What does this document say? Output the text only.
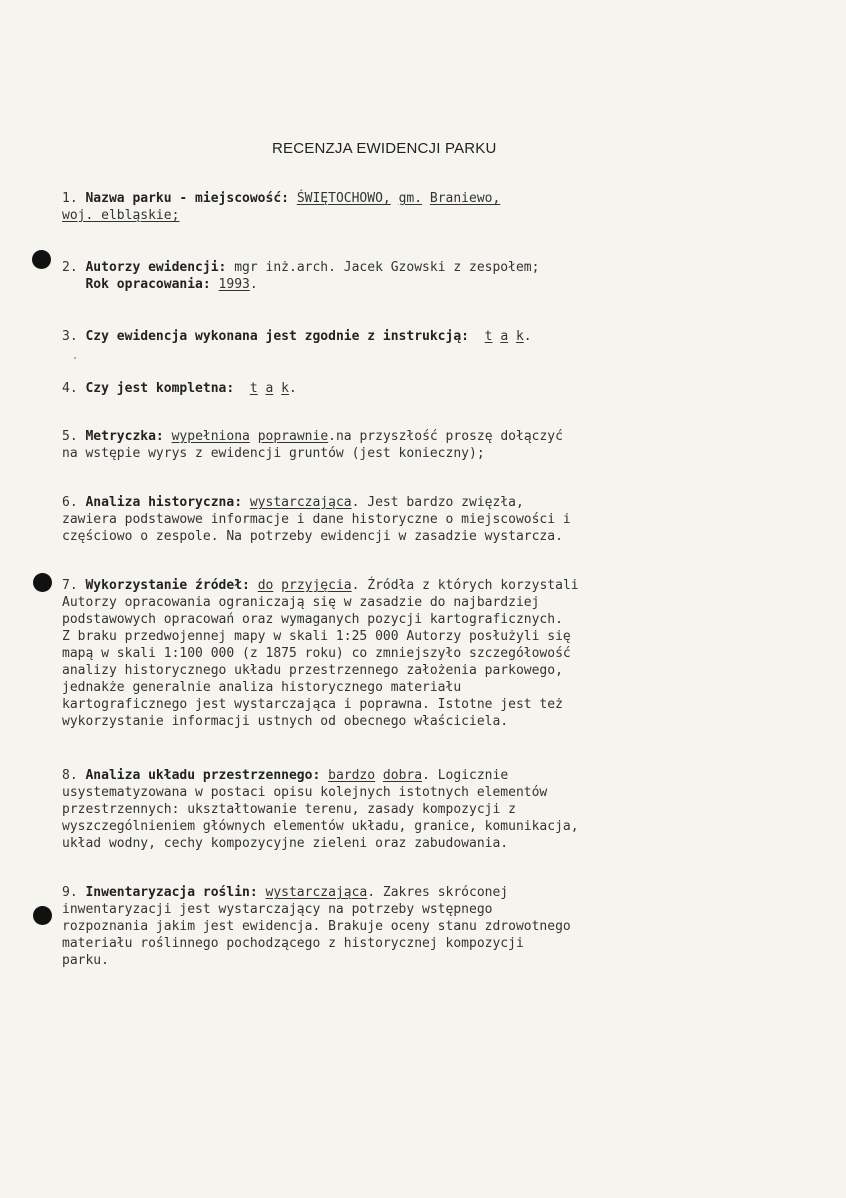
RECENZJA EWIDENCJI PARKU
1. Nazwa parku - miejscowość: ŚWIĘTOCHOWO, gm. Braniewo,
woj. elbląskie;
2. Autorzy ewidencji: mgr inż.arch. Jacek Gzowski z zespołem;
Rok opracowania: 1993.
3. Czy ewidencja wykonana jest zgodnie z instrukcją: t a k.
4. Czy jest kompletna: t a k.
5. Metryczka: wypełniona poprawnie.na przyszłość proszę dołączyć
na wstępie wyrys z ewidencji gruntów (jest konieczny);
6. Analiza historyczna: wystarczająca. Jest bardzo zwięzła,
zawiera podstawowe informacje i dane historyczne o miejscowości i
częściowo o zespole. Na potrzeby ewidencji w zasadzie wystarcza.
7. Wykorzystanie źródeł: do przyjęcia. Źródła z których korzystali
Autorzy opracowania ograniczają się w zasadzie do najbardziej
podstawowych opracowań oraz wymaganych pozycji kartograficznych.
Z braku przedwojennej mapy w skali 1:25 000 Autorzy posłużyli się
mapą w skali 1:100 000 (z 1875 roku) co zmniejszyło szczegółowość
analizy historycznego układu przestrzennego założenia parkowego,
jednakże generalnie analiza historycznego materiału
kartograficznego jest wystarczająca i poprawna. Istotne jest też
wykorzystanie informacji ustnych od obecnego właściciela.
8. Analiza układu przestrzennego: bardzo dobra. Logicznie
usystematyzowana w postaci opisu kolejnych istotnych elementów
przestrzennych: ukształtowanie terenu, zasady kompozycji z
wyszczególnieniem głównych elementów układu, granice, komunikacja,
układ wodny, cechy kompozycyjne zieleni oraz zabudowania.
9. Inwentaryzacja roślin: wystarczająca. Zakres skróconej
inwentaryzacji jest wystarczający na potrzeby wstępnego
rozpoznania jakim jest ewidencja. Brakuje oceny stanu zdrowotnego
materiału roślinnego pochodzącego z historycznej kompozycji
parku.
